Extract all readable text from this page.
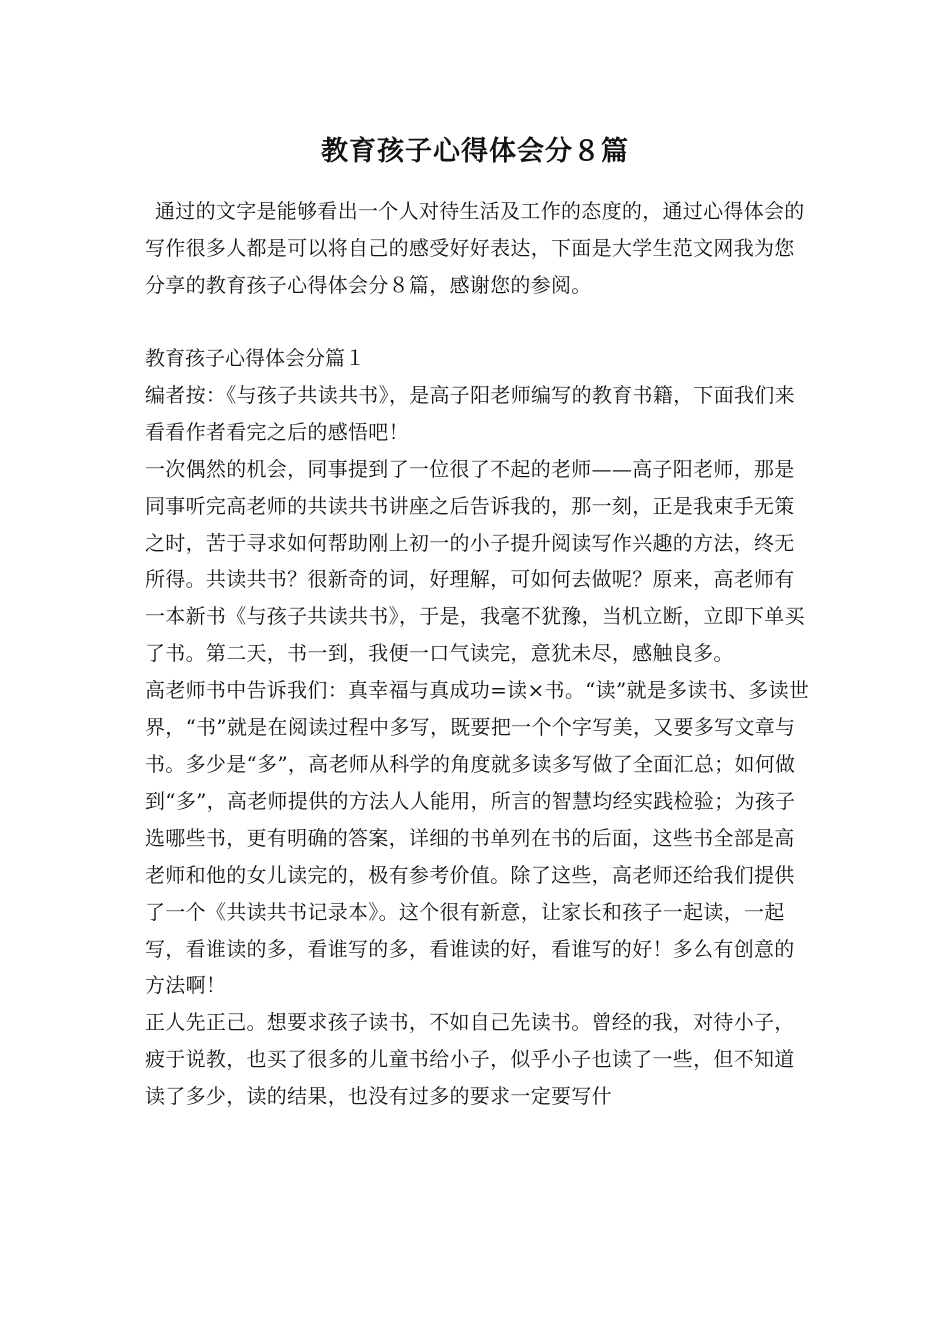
教育孩子心得体会分８篇

通过的文字是能够看出一个人对待生活及工作的态度的，通过心得体会的写作很多人都是可以将自己的感受好好表达，下面是大学生范文网我为您分享的教育孩子心得体会分８篇，感谢您的参阅。

教育孩子心得体会分篇１

编者按：《与孩子共读共书》，是高子阳老师编写的教育书籍，下面我们来看看作者看完之后的感悟吧！

一次偶然的机会，同事提到了一位很了不起的老师——高子阳老师，那是同事听完高老师的共读共书讲座之后告诉我的，那一刻，正是我束手无策之时，苦于寻求如何帮助刚上初一的小子提升阅读写作兴趣的方法，终无所得。共读共书？很新奇的词，好理解，可如何去做呢？原来，高老师有一本新书《与孩子共读共书》，于是，我毫不犹豫，当机立断，立即下单买了书。第二天，书一到，我便一口气读完，意犹未尽，感触良多。

高老师书中告诉我们：真幸福与真成功=读×书。“读”就是多读书、多读世界，“书”就是在阅读过程中多写，既要把一个个字写美，又要多写文章与书。多少是“多”，高老师从科学的角度就多读多写做了全面汇总；如何做到“多”，高老师提供的方法人人能用，所言的智慧均经实践检验；为孩子选哪些书，更有明确的答案，详细的书单列在书的后面，这些书全部是高老师和他的女儿读完的，极有参考价值。除了这些，高老师还给我们提供了一个《共读共书记录本》。这个很有新意，让家长和孩子一起读，一起写，看谁读的多，看谁写的多，看谁读的好，看谁写的好！多么有创意的方法啊！

正人先正己。想要求孩子读书，不如自己先读书。曾经的我，对待小子，疲于说教，也买了很多的儿童书给小子，似乎小子也读了一些，但不知道读了多少，读的结果，也没有过多的要求一定要写什
